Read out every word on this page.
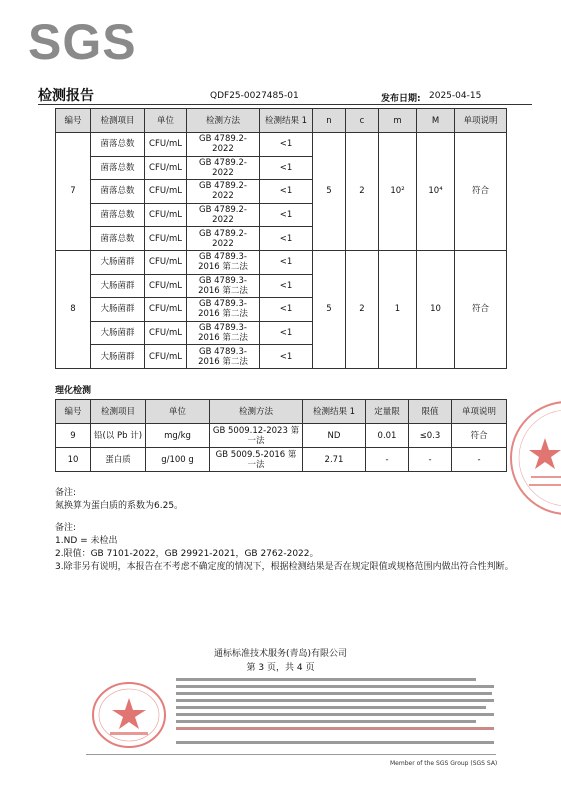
SGS
检测报告	QDF25-0027485-01	发布日期: 2025-04-15
编号	检测项目	单位	检测方法	检测结果 1	n	c	m	M	单项说明
7	菌落总数	CFU/mL	GB 4789.2-2022	<1	5	2	10²	10⁴	符合
	菌落总数	CFU/mL	GB 4789.2-2022	<1					
	菌落总数	CFU/mL	GB 4789.2-2022	<1					
	菌落总数	CFU/mL	GB 4789.2-2022	<1					
	菌落总数	CFU/mL	GB 4789.2-2022	<1					
8	大肠菌群	CFU/mL	GB 4789.3-2016 第二法	<1	5	2	1	10	符合
	大肠菌群	CFU/mL	GB 4789.3-2016 第二法	<1					
	大肠菌群	CFU/mL	GB 4789.3-2016 第二法	<1					
	大肠菌群	CFU/mL	GB 4789.3-2016 第二法	<1					
	大肠菌群	CFU/mL	GB 4789.3-2016 第二法	<1					
理化检测
编号	检测项目	单位	检测方法	检测结果 1	定量限	限值	单项说明
9	铅(以 Pb 计)	mg/kg	GB 5009.12-2023 第一法	ND	0.01	≤0.3	符合
10	蛋白质	g/100 g	GB 5009.5-2016 第一法	2.71	-	-	-
备注:
氮换算为蛋白质的系数为6.25。
备注:
1.ND = 未检出
2.限值：GB 7101-2022，GB 29921-2021，GB 2762-2022。
3.除非另有说明，本报告在不考虑不确定度的情况下，根据检测结果是否在规定限值或规格范围内做出符合性判断。
通标标准技术服务(青岛)有限公司
第 3 页，共 4 页
Member of the SGS Group (SGS SA)
